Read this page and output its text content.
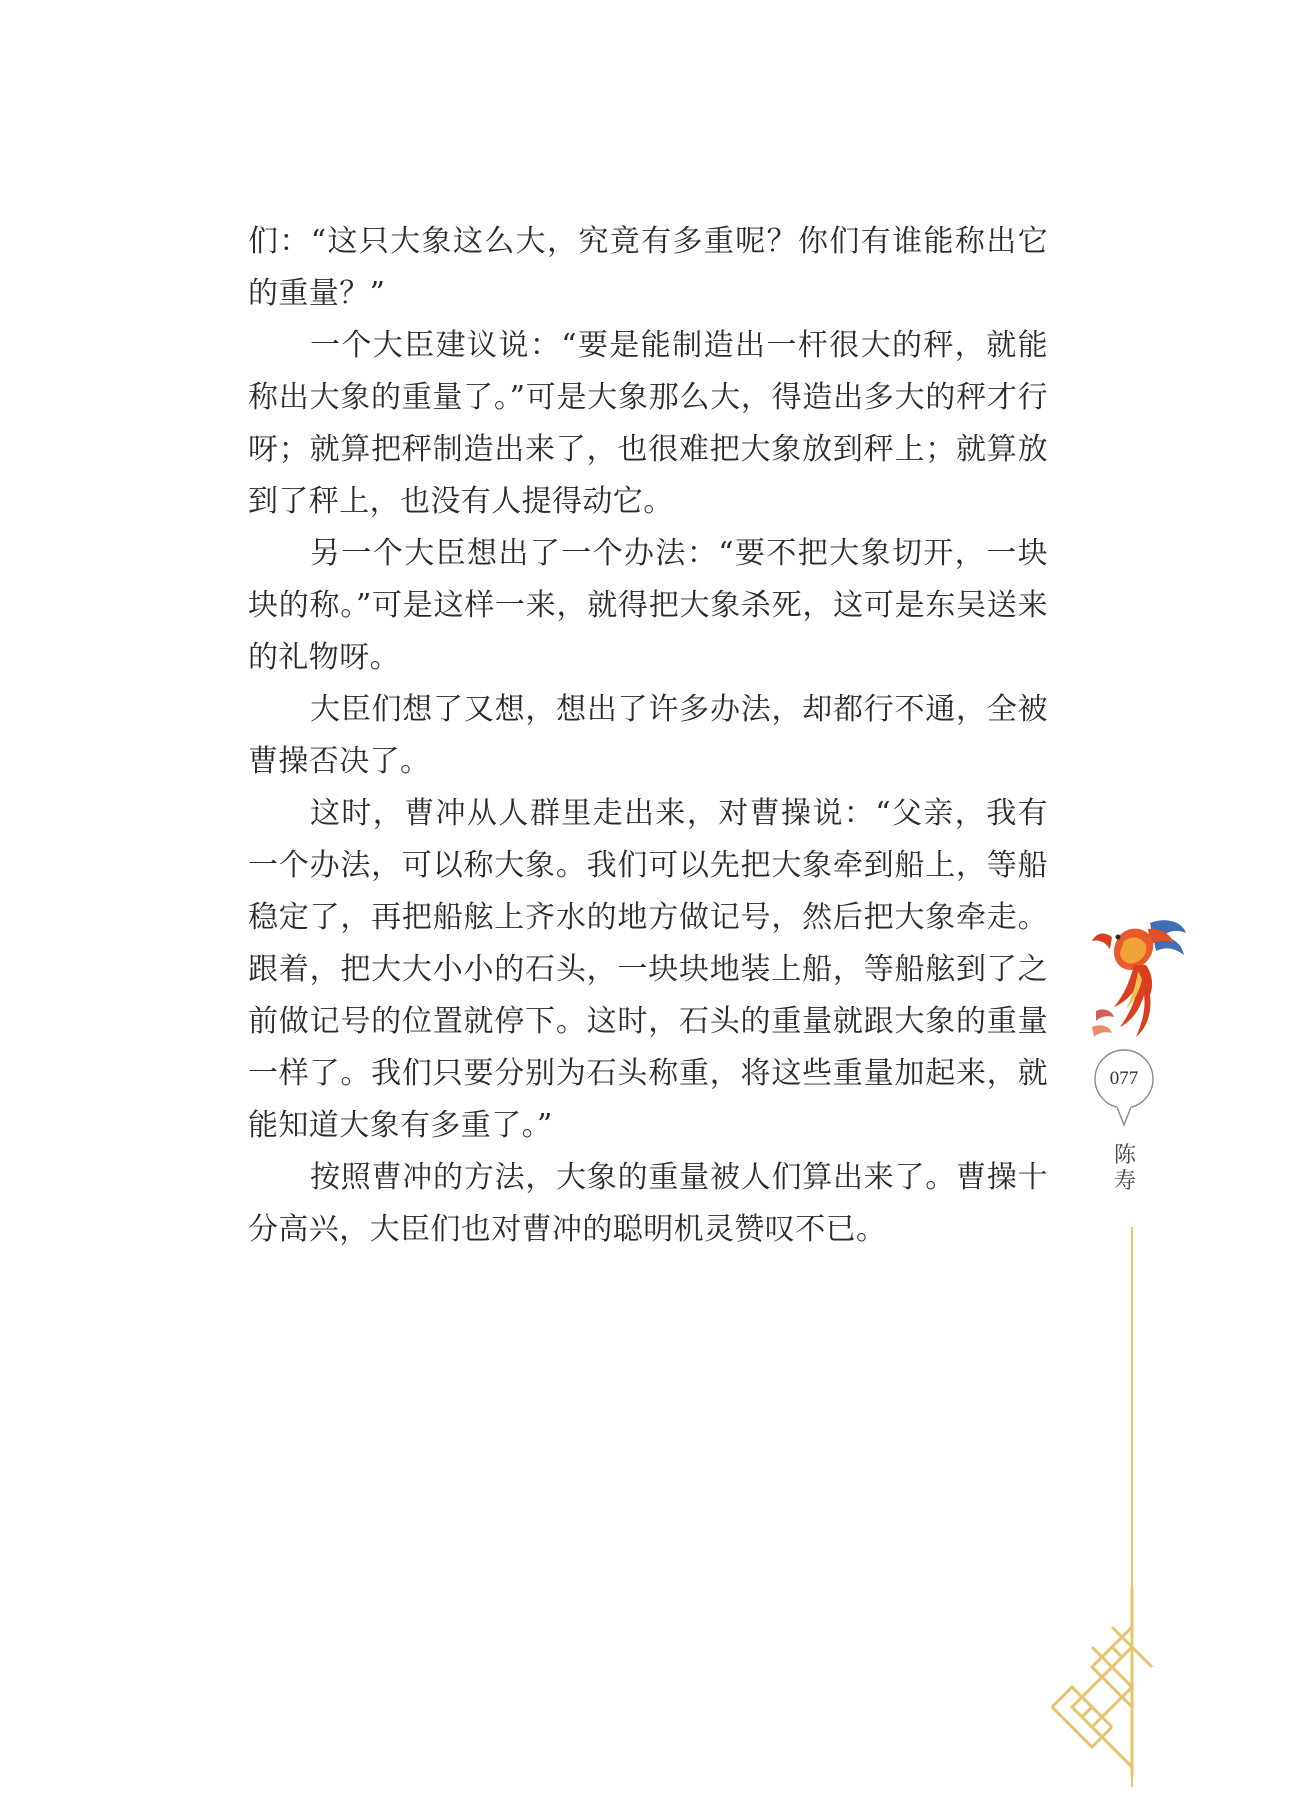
们：“这只大象这么大，究竟有多重呢？你们有谁能称出它的重量？”

一个大臣建议说：“要是能制造出一杆很大的秤，就能称出大象的重量了。”可是大象那么大，得造出多大的秤才行呀；就算把秤制造出来了，也很难把大象放到秤上；就算放到了秤上，也没有人提得动它。

另一个大臣想出了一个办法：“要不把大象切开，一块块的称。”可是这样一来，就得把大象杀死，这可是东吴送来的礼物呀。

大臣们想了又想，想出了许多办法，却都行不通，全被曹操否决了。

这时，曹冲从人群里走出来，对曹操说：“父亲，我有一个办法，可以称大象。我们可以先把大象牵到船上，等船稳定了，再把船舷上齐水的地方做记号，然后把大象牵走。跟着，把大大小小的石头，一块块地装上船，等船舷到了之前做记号的位置就停下。这时，石头的重量就跟大象的重量一样了。我们只要分别为石头称重，将这些重量加起来，就能知道大象有多重了。”

按照曹冲的方法，大象的重量被人们算出来了。曹操十分高兴，大臣们也对曹冲的聪明机灵赞叹不已。

077
陈寿
